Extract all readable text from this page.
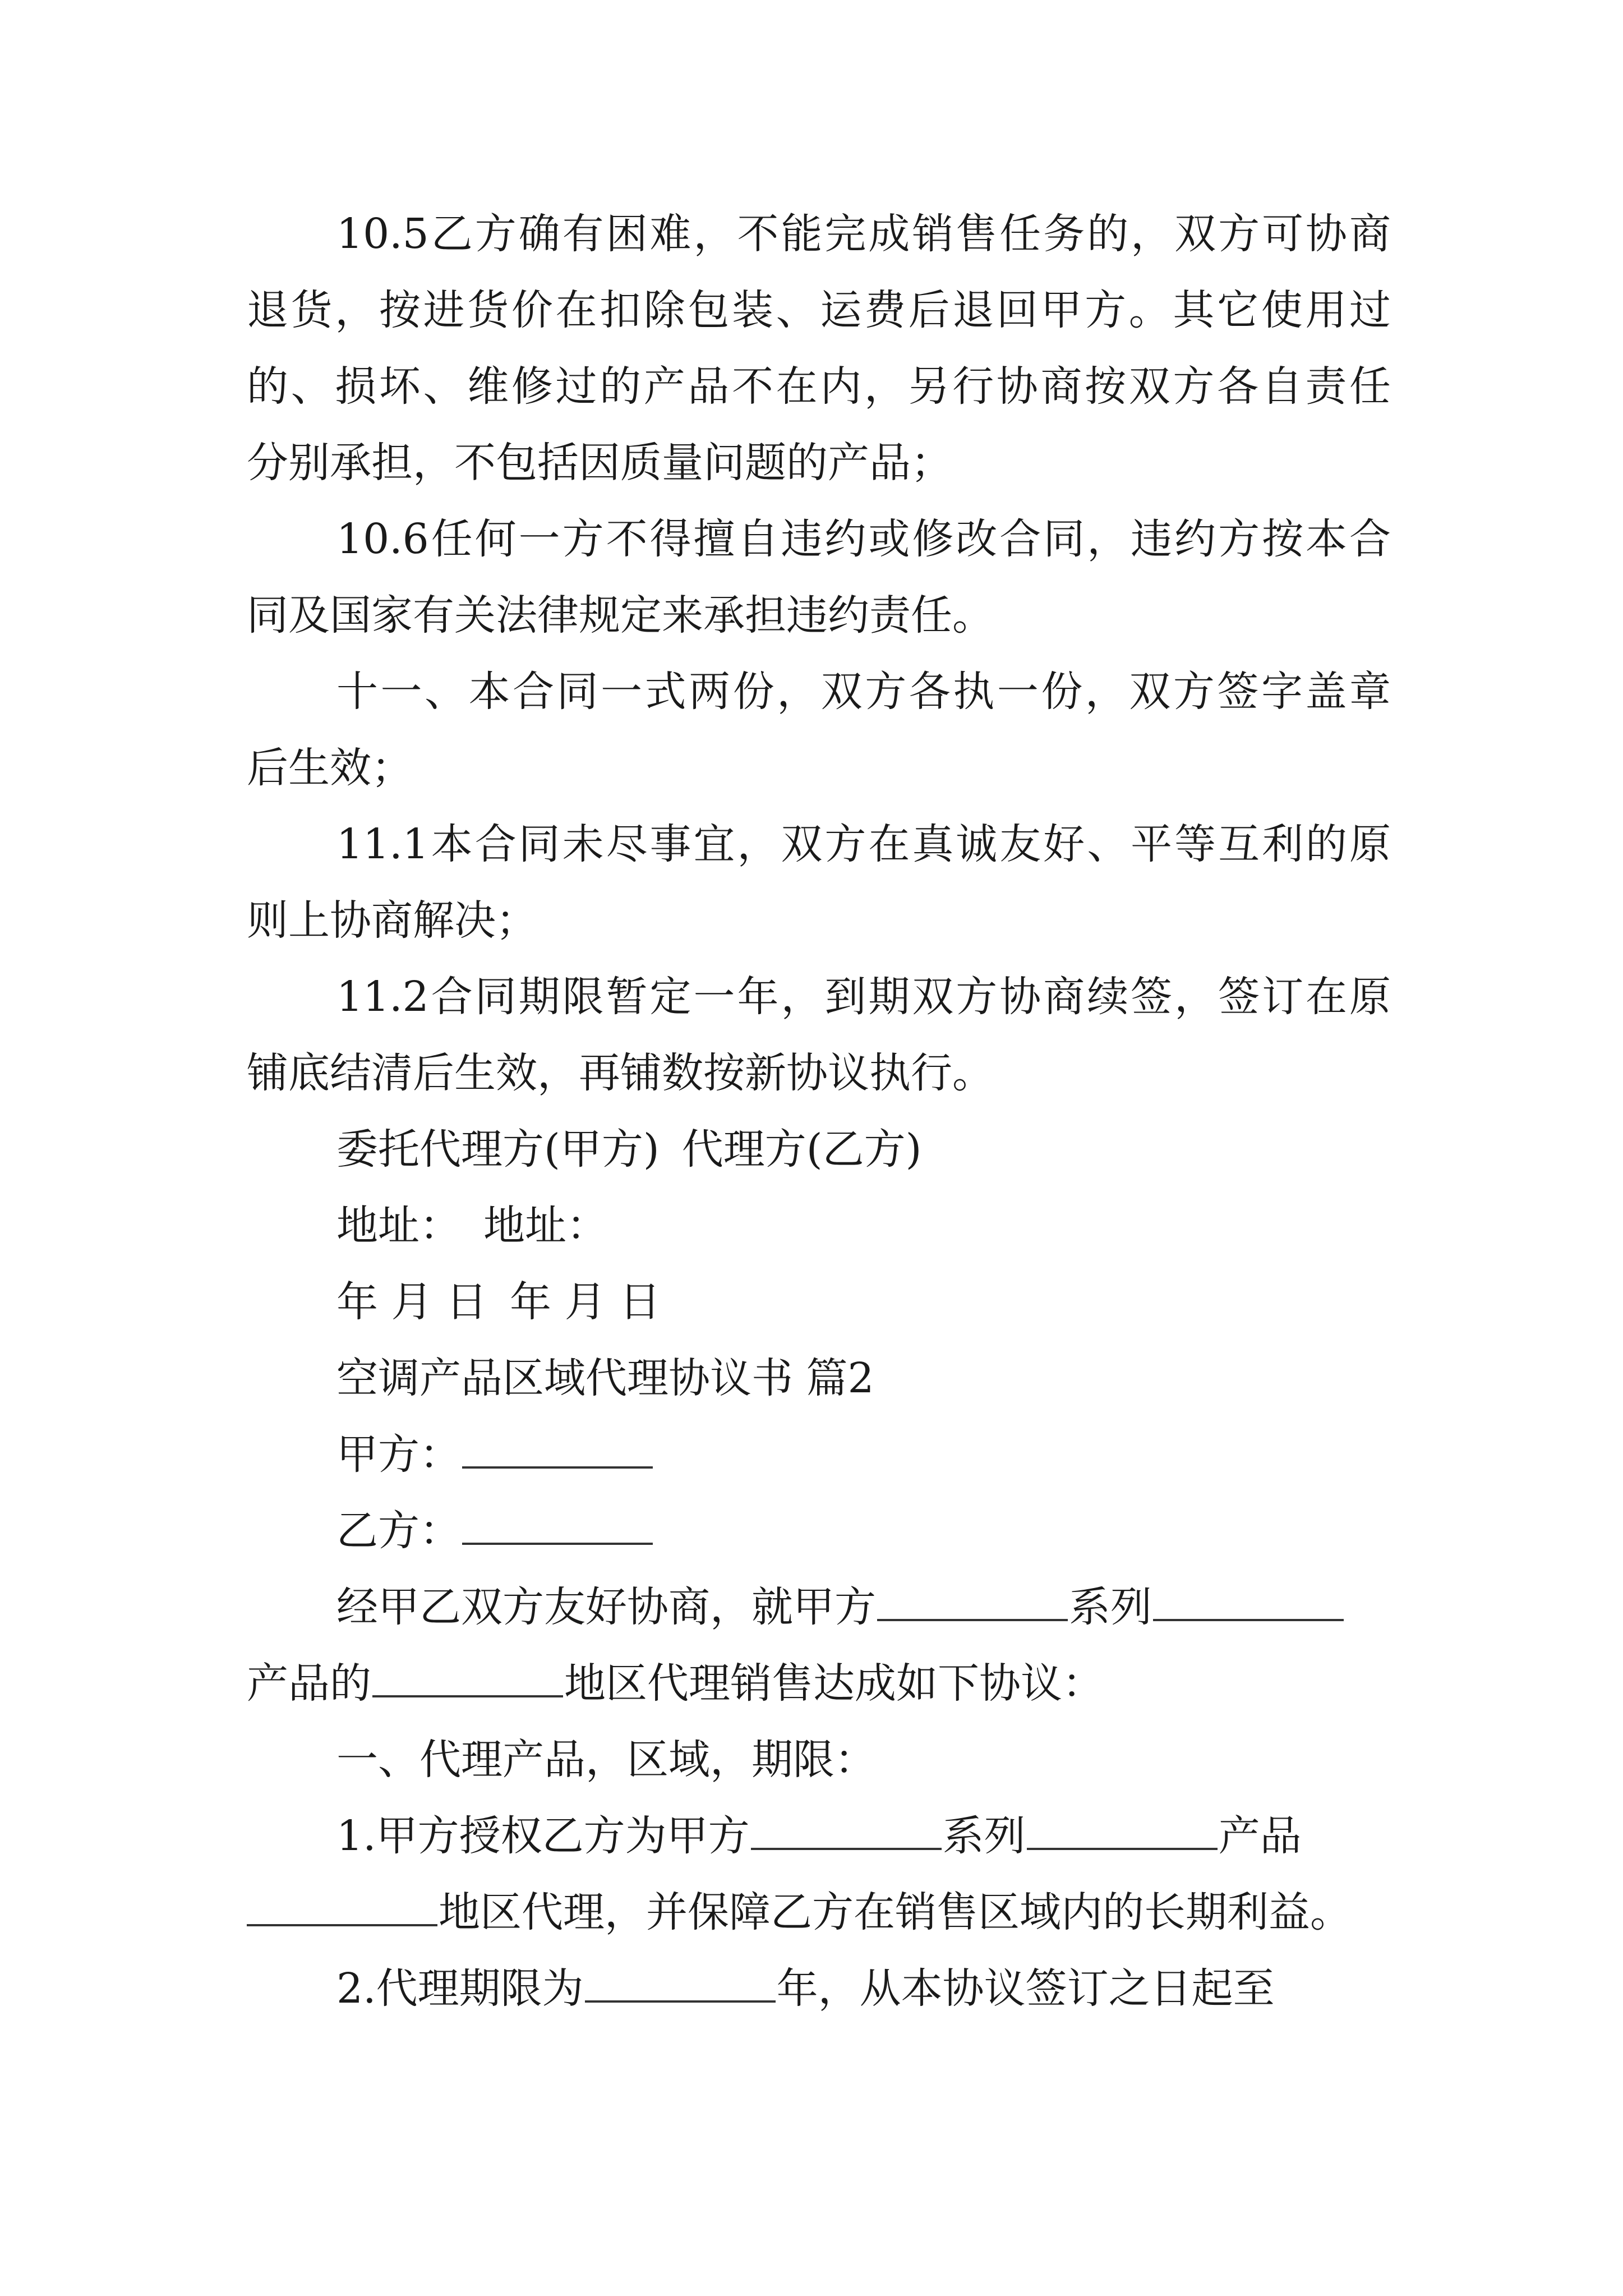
10.5乙方确有困难，不能完成销售任务的，双方可协商
退货，按进货价在扣除包装、运费后退回甲方。其它使用过
的、损坏、维修过的产品不在内，另行协商按双方各自责任
分别承担，不包括因质量问题的产品；
10.6任何一方不得擅自违约或修改合同，违约方按本合
同及国家有关法律规定来承担违约责任。
十一、本合同一式两份，双方各执一份，双方签字盖章
后生效；
11.1本合同未尽事宜，双方在真诚友好、平等互利的原
则上协商解决；
11.2合同期限暂定一年，到期双方协商续签，签订在原
铺底结清后生效，再铺数按新协议执行。
委托代理方(甲方) 代理方(乙方)
地址： 地址：
年 月 日 年 月 日
空调产品区域代理协议书 篇2
甲方：
乙方：
经甲乙双方友好协商，就甲方	系列
产品的	地区代理销售达成如下协议：
一、代理产品，区域，期限：
1.甲方授权乙方为甲方	系列	产品
地区代理，并保障乙方在销售区域内的长期利益。
2.代理期限为	年，从本协议签订之日起至
